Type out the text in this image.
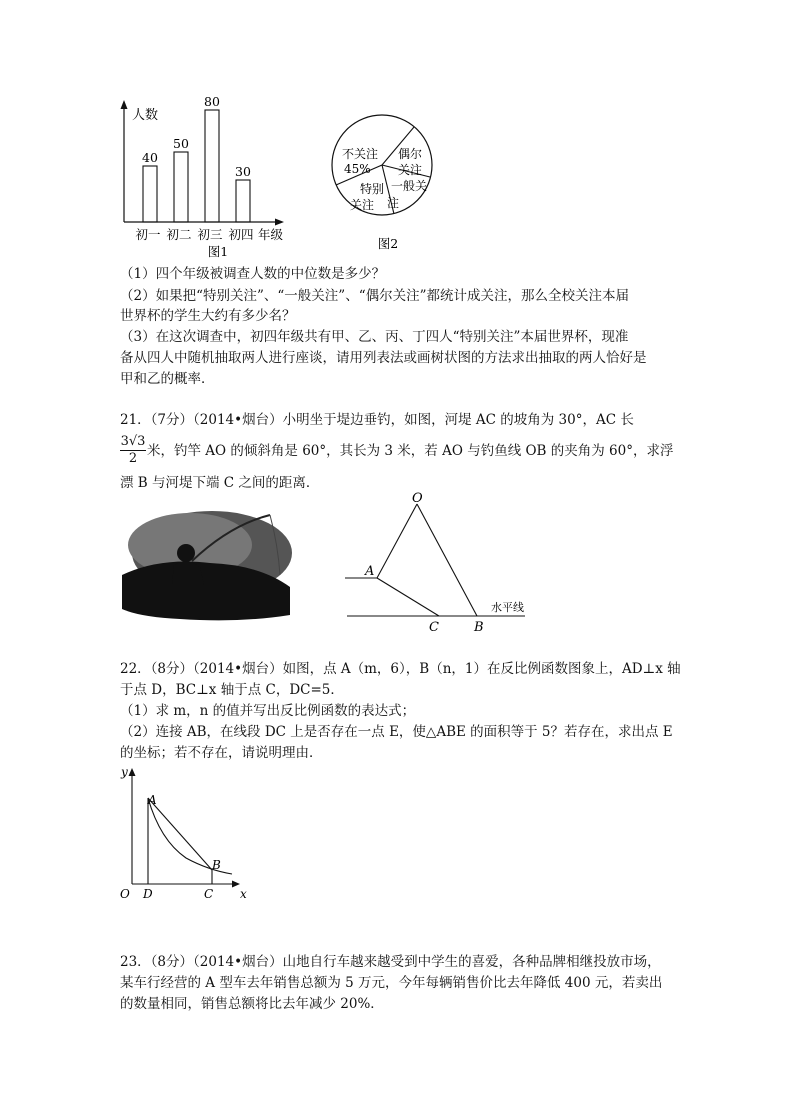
人数
年级
40
初一
50
初二
80
初三
30
初四
图1
不关注
45%
偶尔
关注
特别
关注
一般关
注
图2
（1）四个年级被调查人数的中位数是多少？
（2）如果把“特别关注”、“一般关注”、“偶尔关注”都统计成关注，那么全校关注本届
世界杯的学生大约有多少名？
（3）在这次调查中，初四年级共有甲、乙、丙、丁四人“特别关注”本届世界杯，现准
备从四人中随机抽取两人进行座谈，请用列表法或画树状图的方法求出抽取的两人恰好是
甲和乙的概率．
21．（7分）（2014•烟台）小明坐于堤边垂钓，如图，河堤 AC 的坡角为 30°，AC 长
$\frac{3√3}{2}$ 米，钓竿 AO 的倾斜角是 60°，其长为 3 米，若 AO 与钓鱼线 OB 的夹角为 60°，求浮
漂 B 与河堤下端 C 之间的距离．
O
A
C	B
水平线
22．（8分）（2014•烟台）如图，点 A（m，6），B（n，1）在反比例函数图象上，AD⊥x 轴
于点 D，BC⊥x 轴于点 C，DC=5．
（1）求 m，n 的值并写出反比例函数的表达式；
（2）连接 AB，在线段 DC 上是否存在一点 E，使△ABE 的面积等于 5？若存在，求出点 E
的坐标；若不存在，请说明理由．
y
x
O
A
B
D	C
23．（8分）（2014•烟台）山地自行车越来越受到中学生的喜爱，各种品牌相继投放市场，
某车行经营的 A 型车去年销售总额为 5 万元，今年每辆销售价比去年降低 400 元，若卖出
的数量相同，销售总额将比去年减少 20%．
